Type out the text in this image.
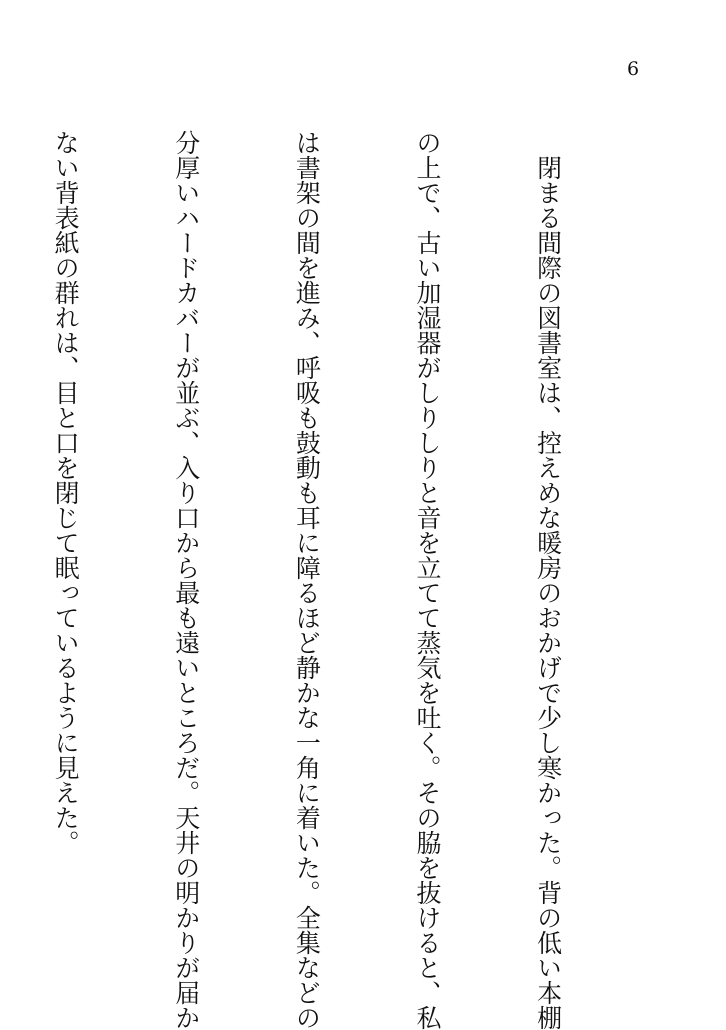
6

　閉まる間際の図書室は、控えめな暖房のおかげで少し寒かった。背の低い本棚

の上で、古い加湿器がしりしりと音を立てて蒸気を吐く。その脇を抜けると、私

は書架の間を進み、呼吸も鼓動も耳に障るほど静かな一角に着いた。全集などの

分厚いハードカバーが並ぶ、入り口から最も遠いところだ。天井の明かりが届か

ない背表紙の群れは、目と口を閉じて眠っているように見えた。
